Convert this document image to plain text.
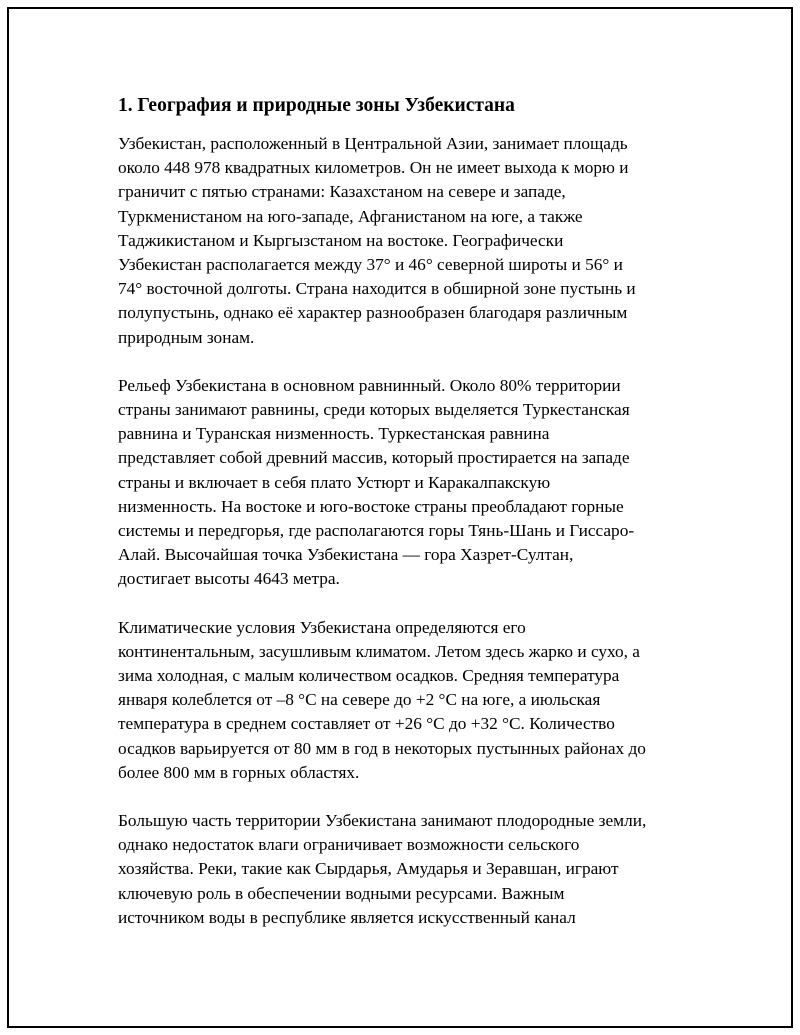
1. География и природные зоны Узбекистана

Узбекистан, расположенный в Центральной Азии, занимает площадь
около 448 978 квадратных километров. Он не имеет выхода к морю и
граничит с пятью странами: Казахстаном на севере и западе,
Туркменистаном на юго-западе, Афганистаном на юге, а также
Таджикистаном и Кыргызстаном на востоке. Географически
Узбекистан располагается между 37° и 46° северной широты и 56° и
74° восточной долготы. Страна находится в обширной зоне пустынь и
полупустынь, однако её характер разнообразен благодаря различным
природным зонам.

Рельеф Узбекистана в основном равнинный. Около 80% территории
страны занимают равнины, среди которых выделяется Туркестанская
равнина и Туранская низменность. Туркестанская равнина
представляет собой древний массив, который простирается на западе
страны и включает в себя плато Устюрт и Каракалпакскую
низменность. На востоке и юго-востоке страны преобладают горные
системы и передгорья, где располагаются горы Тянь-Шань и Гиссаро-
Алай. Высочайшая точка Узбекистана — гора Хазрет-Султан,
достигает высоты 4643 метра.

Климатические условия Узбекистана определяются его
континентальным, засушливым климатом. Летом здесь жарко и сухо, а
зима холодная, с малым количеством осадков. Средняя температура
января колеблется от –8 °C на севере до +2 °C на юге, а июльская
температура в среднем составляет от +26 °C до +32 °C. Количество
осадков варьируется от 80 мм в год в некоторых пустынных районах до
более 800 мм в горных областях.

Большую часть территории Узбекистана занимают плодородные земли,
однако недостаток влаги ограничивает возможности сельского
хозяйства. Реки, такие как Сырдарья, Амударья и Зеравшан, играют
ключевую роль в обеспечении водными ресурсами. Важным
источником воды в республике является искусственный канал
